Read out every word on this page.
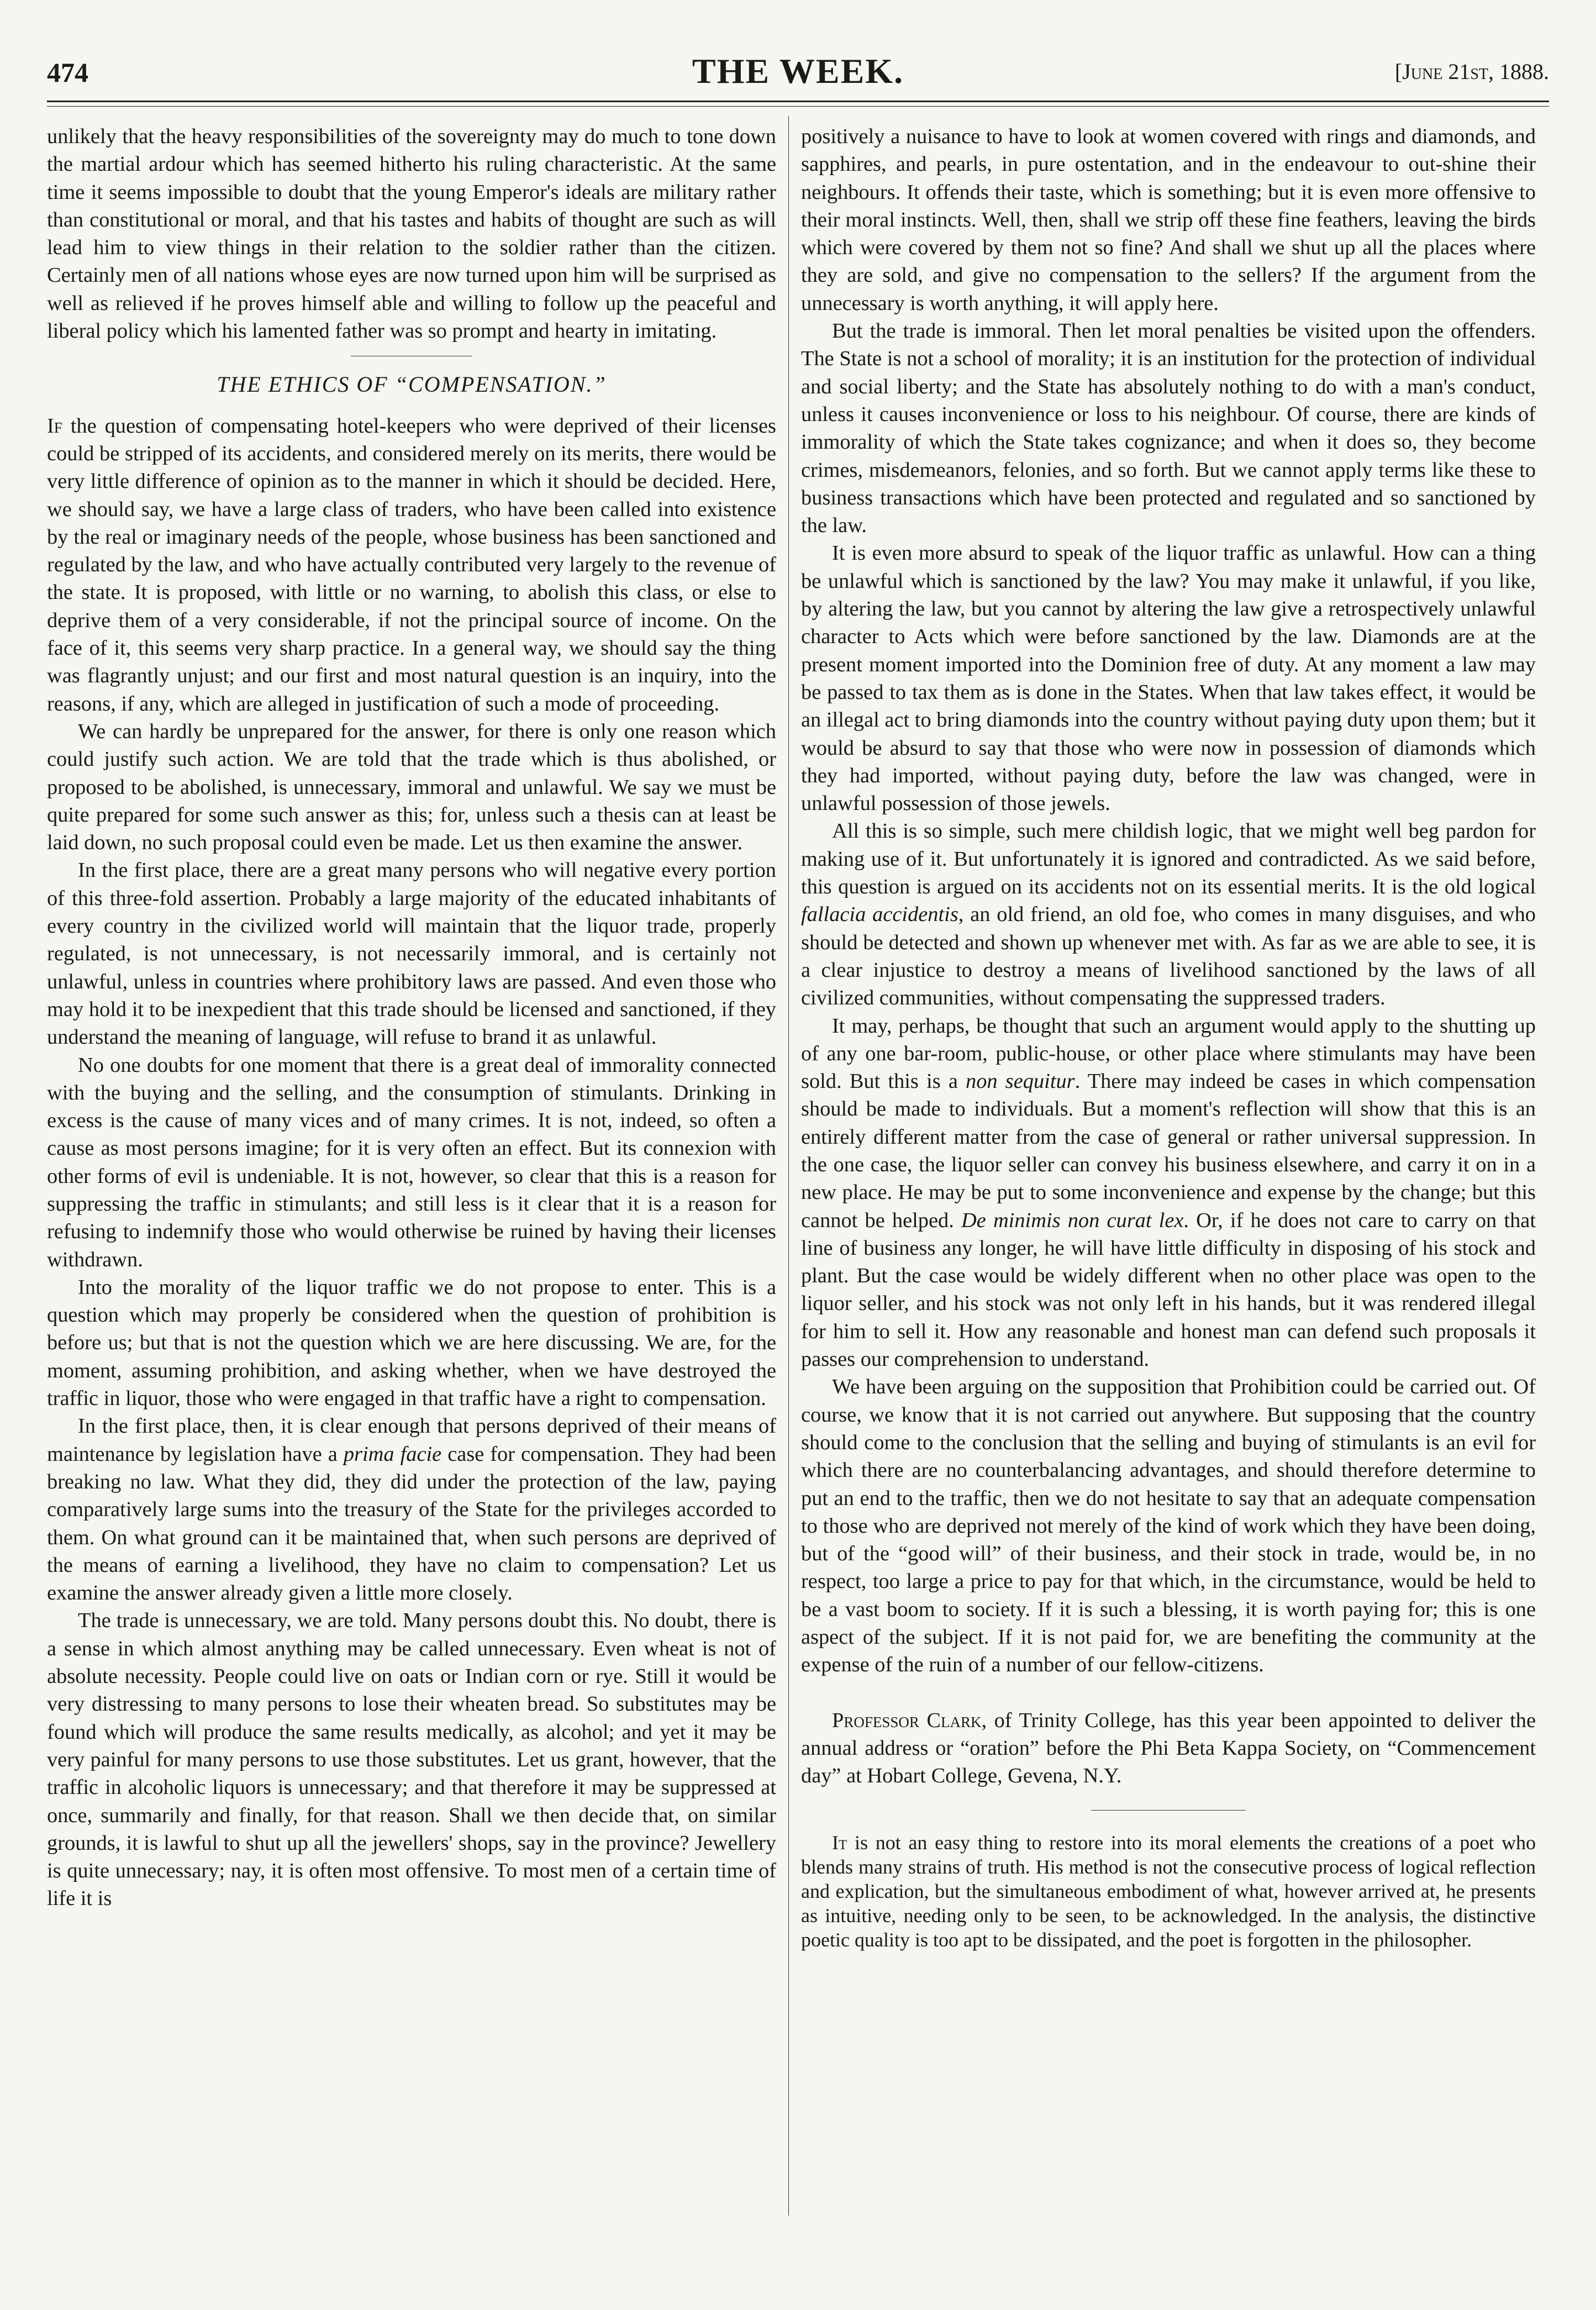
474	THE WEEK.	[June 21st, 1888.

unlikely that the heavy responsibilities of the sovereignty may do much to tone down the martial ardour which has seemed hitherto his ruling characteristic. At the same time it seems impossible to doubt that the young Emperor's ideals are military rather than constitutional or moral, and that his tastes and habits of thought are such as will lead him to view things in their relation to the soldier rather than the citizen. Certainly men of all nations whose eyes are now turned upon him will be surprised as well as relieved if he proves himself able and willing to follow up the peaceful and liberal policy which his lamented father was so prompt and hearty in imitating.

THE ETHICS OF “COMPENSATION.”

If the question of compensating hotel-keepers who were deprived of their licenses could be stripped of its accidents, and considered merely on its merits, there would be very little difference of opinion as to the manner in which it should be decided. Here, we should say, we have a large class of traders, who have been called into existence by the real or imaginary needs of the people, whose business has been sanctioned and regulated by the law, and who have actually contributed very largely to the revenue of the state. It is proposed, with little or no warning, to abolish this class, or else to deprive them of a very considerable, if not the principal source of income. On the face of it, this seems very sharp practice. In a general way, we should say the thing was flagrantly unjust; and our first and most natural question is an inquiry, into the reasons, if any, which are alleged in justification of such a mode of proceeding.

We can hardly be unprepared for the answer, for there is only one reason which could justify such action. We are told that the trade which is thus abolished, or proposed to be abolished, is unnecessary, immoral and unlawful. We say we must be quite prepared for some such answer as this; for, unless such a thesis can at least be laid down, no such proposal could even be made. Let us then examine the answer.

In the first place, there are a great many persons who will negative every portion of this three-fold assertion. Probably a large majority of the educated inhabitants of every country in the civilized world will maintain that the liquor trade, properly regulated, is not unnecessary, is not necessarily immoral, and is certainly not unlawful, unless in countries where prohibitory laws are passed. And even those who may hold it to be inexpedient that this trade should be licensed and sanctioned, if they understand the meaning of language, will refuse to brand it as unlawful.

No one doubts for one moment that there is a great deal of immorality connected with the buying and the selling, and the consumption of stimulants. Drinking in excess is the cause of many vices and of many crimes. It is not, indeed, so often a cause as most persons imagine; for it is very often an effect. But its connexion with other forms of evil is undeniable. It is not, however, so clear that this is a reason for suppressing the traffic in stimulants; and still less is it clear that it is a reason for refusing to indemnify those who would otherwise be ruined by having their licenses withdrawn.

Into the morality of the liquor traffic we do not propose to enter. This is a question which may properly be considered when the question of prohibition is before us; but that is not the question which we are here discussing. We are, for the moment, assuming prohibition, and asking whether, when we have destroyed the traffic in liquor, those who were engaged in that traffic have a right to compensation.

In the first place, then, it is clear enough that persons deprived of their means of maintenance by legislation have a prima facie case for compensation. They had been breaking no law. What they did, they did under the protection of the law, paying comparatively large sums into the treasury of the State for the privileges accorded to them. On what ground can it be maintained that, when such persons are deprived of the means of earning a livelihood, they have no claim to compensation? Let us examine the answer already given a little more closely.

The trade is unnecessary, we are told. Many persons doubt this. No doubt, there is a sense in which almost anything may be called unnecessary. Even wheat is not of absolute necessity. People could live on oats or Indian corn or rye. Still it would be very distressing to many persons to lose their wheaten bread. So substitutes may be found which will produce the same results medically, as alcohol; and yet it may be very painful for many persons to use those substitutes. Let us grant, however, that the traffic in alcoholic liquors is unnecessary; and that therefore it may be suppressed at once, summarily and finally, for that reason. Shall we then decide that, on similar grounds, it is lawful to shut up all the jewellers' shops, say in the province? Jewellery is quite unnecessary; nay, it is often most offensive. To most men of a certain time of life it is

positively a nuisance to have to look at women covered with rings and diamonds, and sapphires, and pearls, in pure ostentation, and in the endeavour to out-shine their neighbours. It offends their taste, which is something; but it is even more offensive to their moral instincts. Well, then, shall we strip off these fine feathers, leaving the birds which were covered by them not so fine? And shall we shut up all the places where they are sold, and give no compensation to the sellers? If the argument from the unnecessary is worth anything, it will apply here.

But the trade is immoral. Then let moral penalties be visited upon the offenders. The State is not a school of morality; it is an institution for the protection of individual and social liberty; and the State has absolutely nothing to do with a man's conduct, unless it causes inconvenience or loss to his neighbour. Of course, there are kinds of immorality of which the State takes cognizance; and when it does so, they become crimes, misdemeanors, felonies, and so forth. But we cannot apply terms like these to business transactions which have been protected and regulated and so sanctioned by the law.

It is even more absurd to speak of the liquor traffic as unlawful. How can a thing be unlawful which is sanctioned by the law? You may make it unlawful, if you like, by altering the law, but you cannot by altering the law give a retrospectively unlawful character to Acts which were before sanctioned by the law. Diamonds are at the present moment imported into the Dominion free of duty. At any moment a law may be passed to tax them as is done in the States. When that law takes effect, it would be an illegal act to bring diamonds into the country without paying duty upon them; but it would be absurd to say that those who were now in possession of diamonds which they had imported, without paying duty, before the law was changed, were in unlawful possession of those jewels.

All this is so simple, such mere childish logic, that we might well beg pardon for making use of it. But unfortunately it is ignored and contradicted. As we said before, this question is argued on its accidents not on its essential merits. It is the old logical fallacia accidentis, an old friend, an old foe, who comes in many disguises, and who should be detected and shown up whenever met with. As far as we are able to see, it is a clear injustice to destroy a means of livelihood sanctioned by the laws of all civilized communities, without compensating the suppressed traders.

It may, perhaps, be thought that such an argument would apply to the shutting up of any one bar-room, public-house, or other place where stimulants may have been sold. But this is a non sequitur. There may indeed be cases in which compensation should be made to individuals. But a moment's reflection will show that this is an entirely different matter from the case of general or rather universal suppression. In the one case, the liquor seller can convey his business elsewhere, and carry it on in a new place. He may be put to some inconvenience and expense by the change; but this cannot be helped. De minimis non curat lex. Or, if he does not care to carry on that line of business any longer, he will have little difficulty in disposing of his stock and plant. But the case would be widely different when no other place was open to the liquor seller, and his stock was not only left in his hands, but it was rendered illegal for him to sell it. How any reasonable and honest man can defend such proposals it passes our comprehension to understand.

We have been arguing on the supposition that Prohibition could be carried out. Of course, we know that it is not carried out anywhere. But supposing that the country should come to the conclusion that the selling and buying of stimulants is an evil for which there are no counterbalancing advantages, and should therefore determine to put an end to the traffic, then we do not hesitate to say that an adequate compensation to those who are deprived not merely of the kind of work which they have been doing, but of the “good will” of their business, and their stock in trade, would be, in no respect, too large a price to pay for that which, in the circumstance, would be held to be a vast boom to society. If it is such a blessing, it is worth paying for; this is one aspect of the subject. If it is not paid for, we are benefiting the community at the expense of the ruin of a number of our fellow-citizens.

Professor Clark, of Trinity College, has this year been appointed to deliver the annual address or “oration” before the Phi Beta Kappa Society, on “Commencement day” at Hobart College, Gevena, N.Y.

It is not an easy thing to restore into its moral elements the creations of a poet who blends many strains of truth. His method is not the consecutive process of logical reflection and explication, but the simultaneous embodiment of what, however arrived at, he presents as intuitive, needing only to be seen, to be acknowledged. In the analysis, the distinctive poetic quality is too apt to be dissipated, and the poet is forgotten in the philosopher.
